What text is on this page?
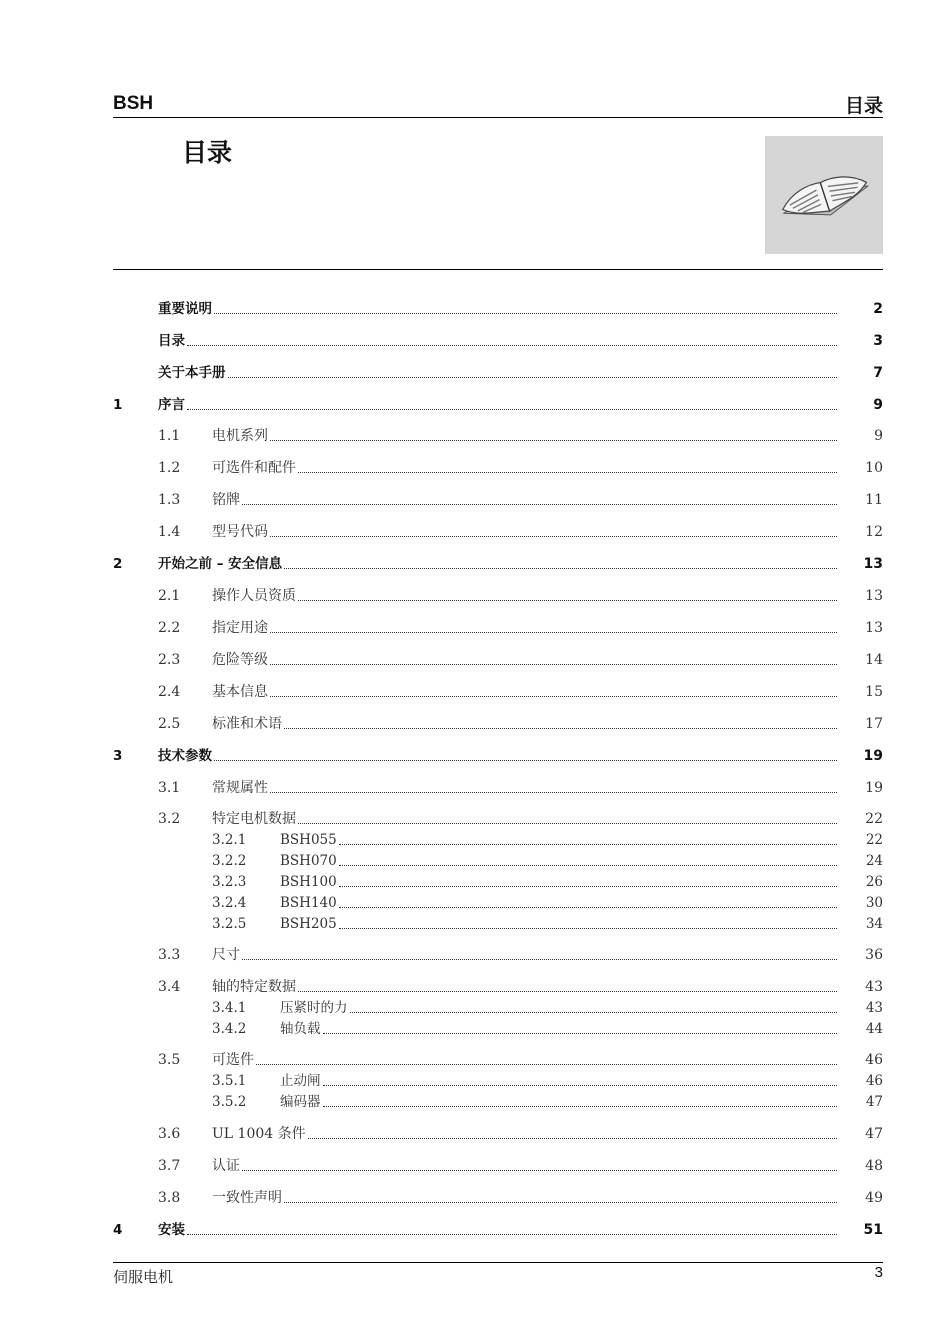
BSH	目录
目录
重要说明	2
目录	3
关于本手册	7
1	序言	9
1.1 电机系列	9
1.2 可选件和配件	10
1.3 铭牌	11
1.4 型号代码	12
2	开始之前 – 安全信息	13
2.1 操作人员资质	13
2.2 指定用途	13
2.3 危险等级	14
2.4 基本信息	15
2.5 标准和术语	17
3	技术参数	19
3.1 常规属性	19
3.2 特定电机数据	22
3.2.1 BSH055	22
3.2.2 BSH070	24
3.2.3 BSH100	26
3.2.4 BSH140	30
3.2.5 BSH205	34
3.3 尺寸	36
3.4 轴的特定数据	43
3.4.1 压紧时的力	43
3.4.2 轴负载	44
3.5 可选件	46
3.5.1 止动闸	46
3.5.2 编码器	47
3.6 UL 1004 条件	47
3.7 认证	48
3.8 一致性声明	49
4	安装	51
伺服电机	3
